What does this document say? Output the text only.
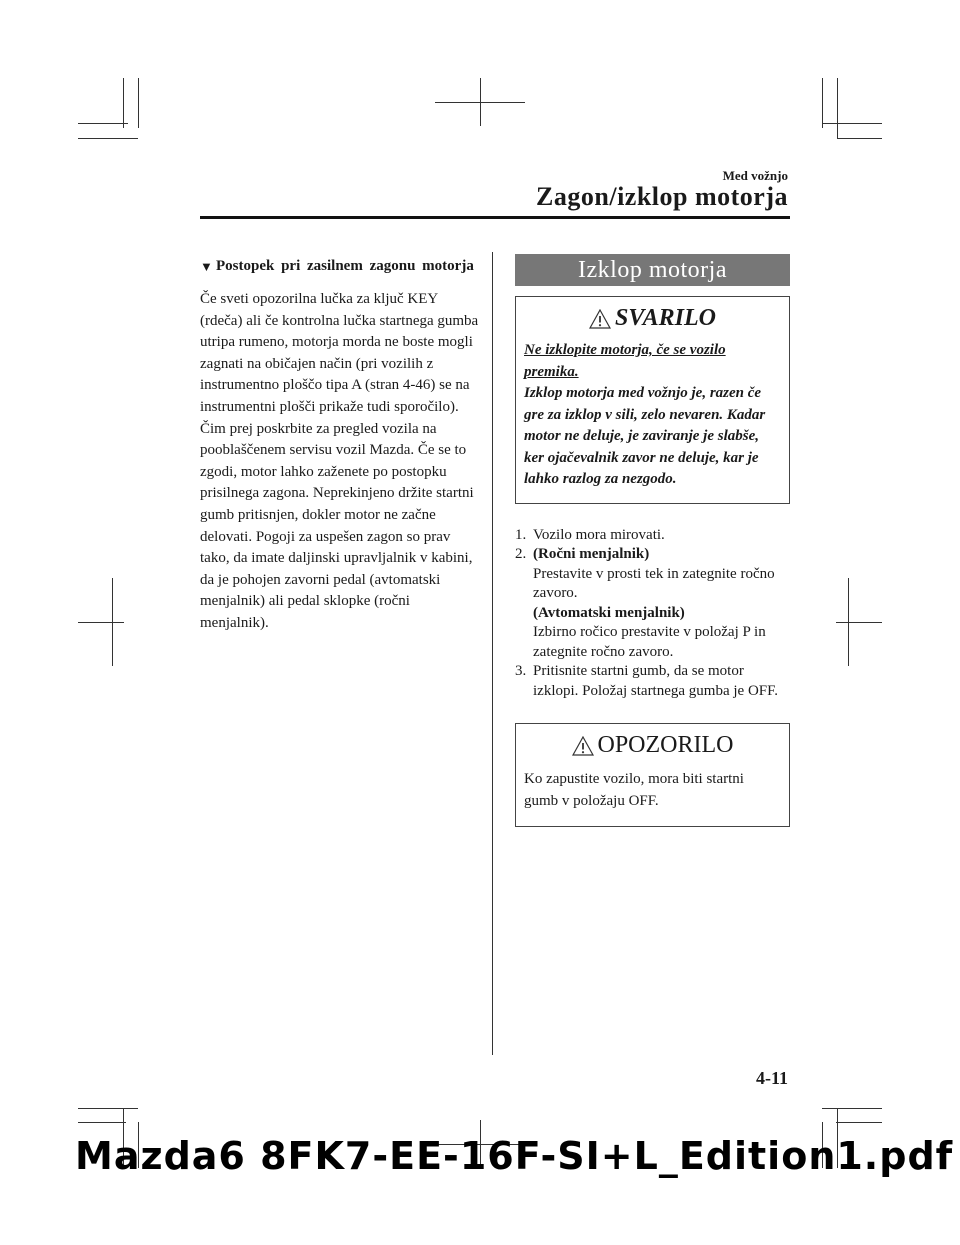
Med vožnjo
Zagon/izklop motorja
▼ Postopek pri zasilnem zagonu motorja
Če sveti opozorilna lučka za ključ KEY (rdeča) ali če kontrolna lučka startnega gumba utripa rumeno, motorja morda ne boste mogli zagnati na običajen način (pri vozilih z instrumentno ploščo tipa A (stran 4-46) se na instrumentni plošči prikaže tudi sporočilo). Čim prej poskrbite za pregled vozila na pooblaščenem servisu vozil Mazda. Če se to zgodi, motor lahko zaženete po postopku prisilnega zagona. Neprekinjeno držite startni gumb pritisnjen, dokler motor ne začne delovati. Pogoji za uspešen zagon so prav tako, da imate daljinski upravljalnik v kabini, da je pohojen zavorni pedal (avtomatski menjalnik) ali pedal sklopke (ročni menjalnik).
Izklop motorja
SVARILO
Ne izklopite motorja, če se vozilo premika.
Izklop motorja med vožnjo je, razen če gre za izklop v sili, zelo nevaren. Kadar motor ne deluje, je zaviranje je slabše, ker ojačevalnik zavor ne deluje, kar je lahko razlog za nezgodo.
1. Vozilo mora mirovati.
2. (Ročni menjalnik)
Prestavite v prosti tek in zategnite ročno zavoro.
(Avtomatski menjalnik)
Izbirno ročico prestavite v položaj P in zategnite ročno zavoro.
3. Pritisnite startni gumb, da se motor izklopi. Položaj startnega gumba je OFF.
OPOZORILO
Ko zapustite vozilo, mora biti startni gumb v položaju OFF.
4-11
Mazda6 8FK7-EE-16F-SI+L_Edition1.pdf
